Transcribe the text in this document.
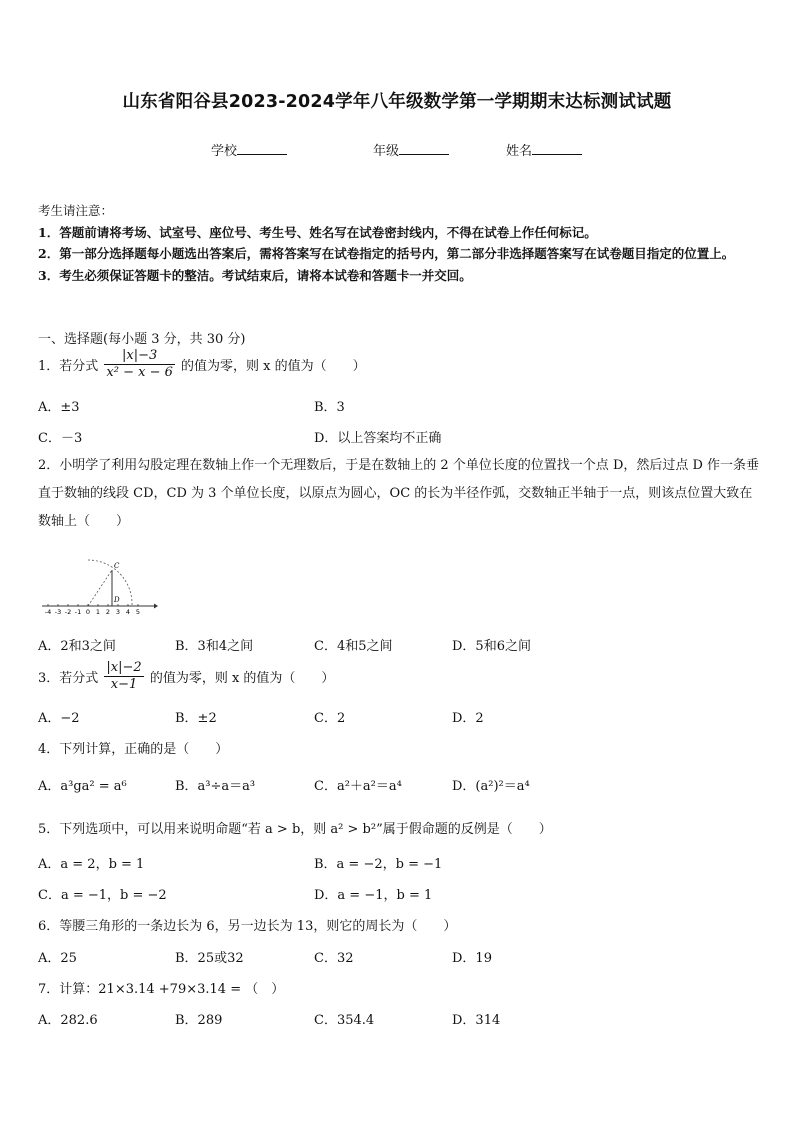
山东省阳谷县2023-2024学年八年级数学第一学期期末达标测试试题
学校	年级	姓名
考生请注意：
1．答题前请将考场、试室号、座位号、考生号、姓名写在试卷密封线内，不得在试卷上作任何标记。
2．第一部分选择题每小题选出答案后，需将答案写在试卷指定的括号内，第二部分非选择题答案写在试卷题目指定的位置上。
3．考生必须保证答题卡的整洁。考试结束后，请将本试卷和答题卡一并交回。
一、选择题(每小题 3 分，共 30 分)
1．若分式 $\frac{|x|-3}{\text{x² − x − 6}}$ 的值为零，则 x 的值为（　　）
A．±3	B．3
C．－3	D．以上答案均不正确
2．小明学了利用勾股定理在数轴上作一个无理数后，于是在数轴上的 2 个单位长度的位置找一个点 D，然后过点 D 作一条垂直于数轴的线段 CD，CD 为 3 个单位长度，以原点为圆心，OC 的长为半径作弧，交数轴正半轴于一点，则该点位置大致在数轴上（　　）
C
D
-4 -3 -2 -1 0 1 2 3 4 5
A．2和3之间	B．3和4之间	C．4和5之间	D．5和6之间
3．若分式 $\frac{|x|-2}{x-1}$ 的值为零，则 x 的值为（　　）
A．−2	B．±2	C．2	D．2
4．下列计算，正确的是（　　）
A．a³ga² = a⁶	B．a³÷a＝a³	C．a²＋a²＝a⁴	D．(a²)²＝a⁴
5．下列选项中，可以用来说明命题“若 a > b，则 a² > b²”属于假命题的反例是（　　）
A．a = 2，b = 1	B．a = −2，b = −1
C．a = −1，b = −2	D．a = −1，b = 1
6．等腰三角形的一条边长为 6，另一边长为 13，则它的周长为（　　）
A．25	B．25或32	C．32	D．19
7．计算：21×3.14 +79×3.14 = （　）
A．282.6	B．289	C．354.4	D．314
